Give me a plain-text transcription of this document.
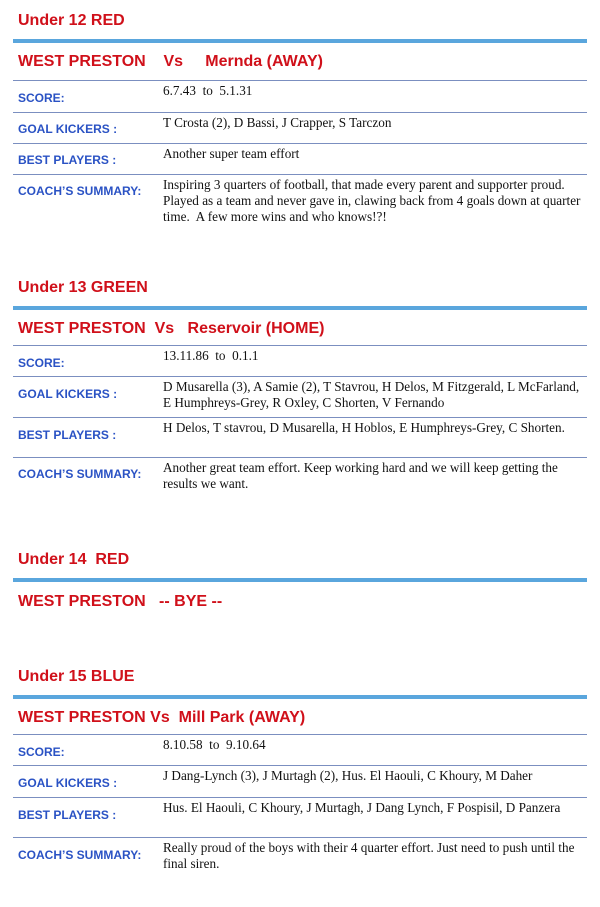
Under 12 RED
WEST PRESTON    Vs     Mernda (AWAY)
SCORE:	6.7.43  to  5.1.31
GOAL KICKERS :	T Crosta (2), D Bassi, J Crapper, S Tarczon
BEST PLAYERS :	Another super team effort
COACH’S SUMMARY: Inspiring 3 quarters of football, that made every parent and supporter proud. Played as a team and never gave in, clawing back from 4 goals down at quarter time.  A few more wins and who knows!?!
Under 13 GREEN
WEST PRESTON  Vs   Reservoir (HOME)
SCORE:	13.11.86  to  0.1.1
GOAL KICKERS :	D Musarella (3), A Samie (2), T Stavrou, H Delos, M Fitzgerald, L McFarland, E Humphreys-Grey, R Oxley, C Shorten, V Fernando
BEST PLAYERS :	H Delos, T stavrou, D Musarella, H Hoblos, E Humphreys-Grey, C Shorten.
COACH’S SUMMARY: Another great team effort. Keep working hard and we will keep getting the results we want.
Under 14  RED
WEST PRESTON   -- BYE --
Under 15 BLUE
WEST PRESTON Vs  Mill Park (AWAY)
SCORE:	8.10.58  to  9.10.64
GOAL KICKERS :	J Dang-Lynch (3), J Murtagh (2), Hus. El Haouli, C Khoury, M Daher
BEST PLAYERS :	Hus. El Haouli, C Khoury, J Murtagh, J Dang Lynch, F Pospisil, D Panzera
COACH’S SUMMARY: Really proud of the boys with their 4 quarter effort. Just need to push until the final siren.
